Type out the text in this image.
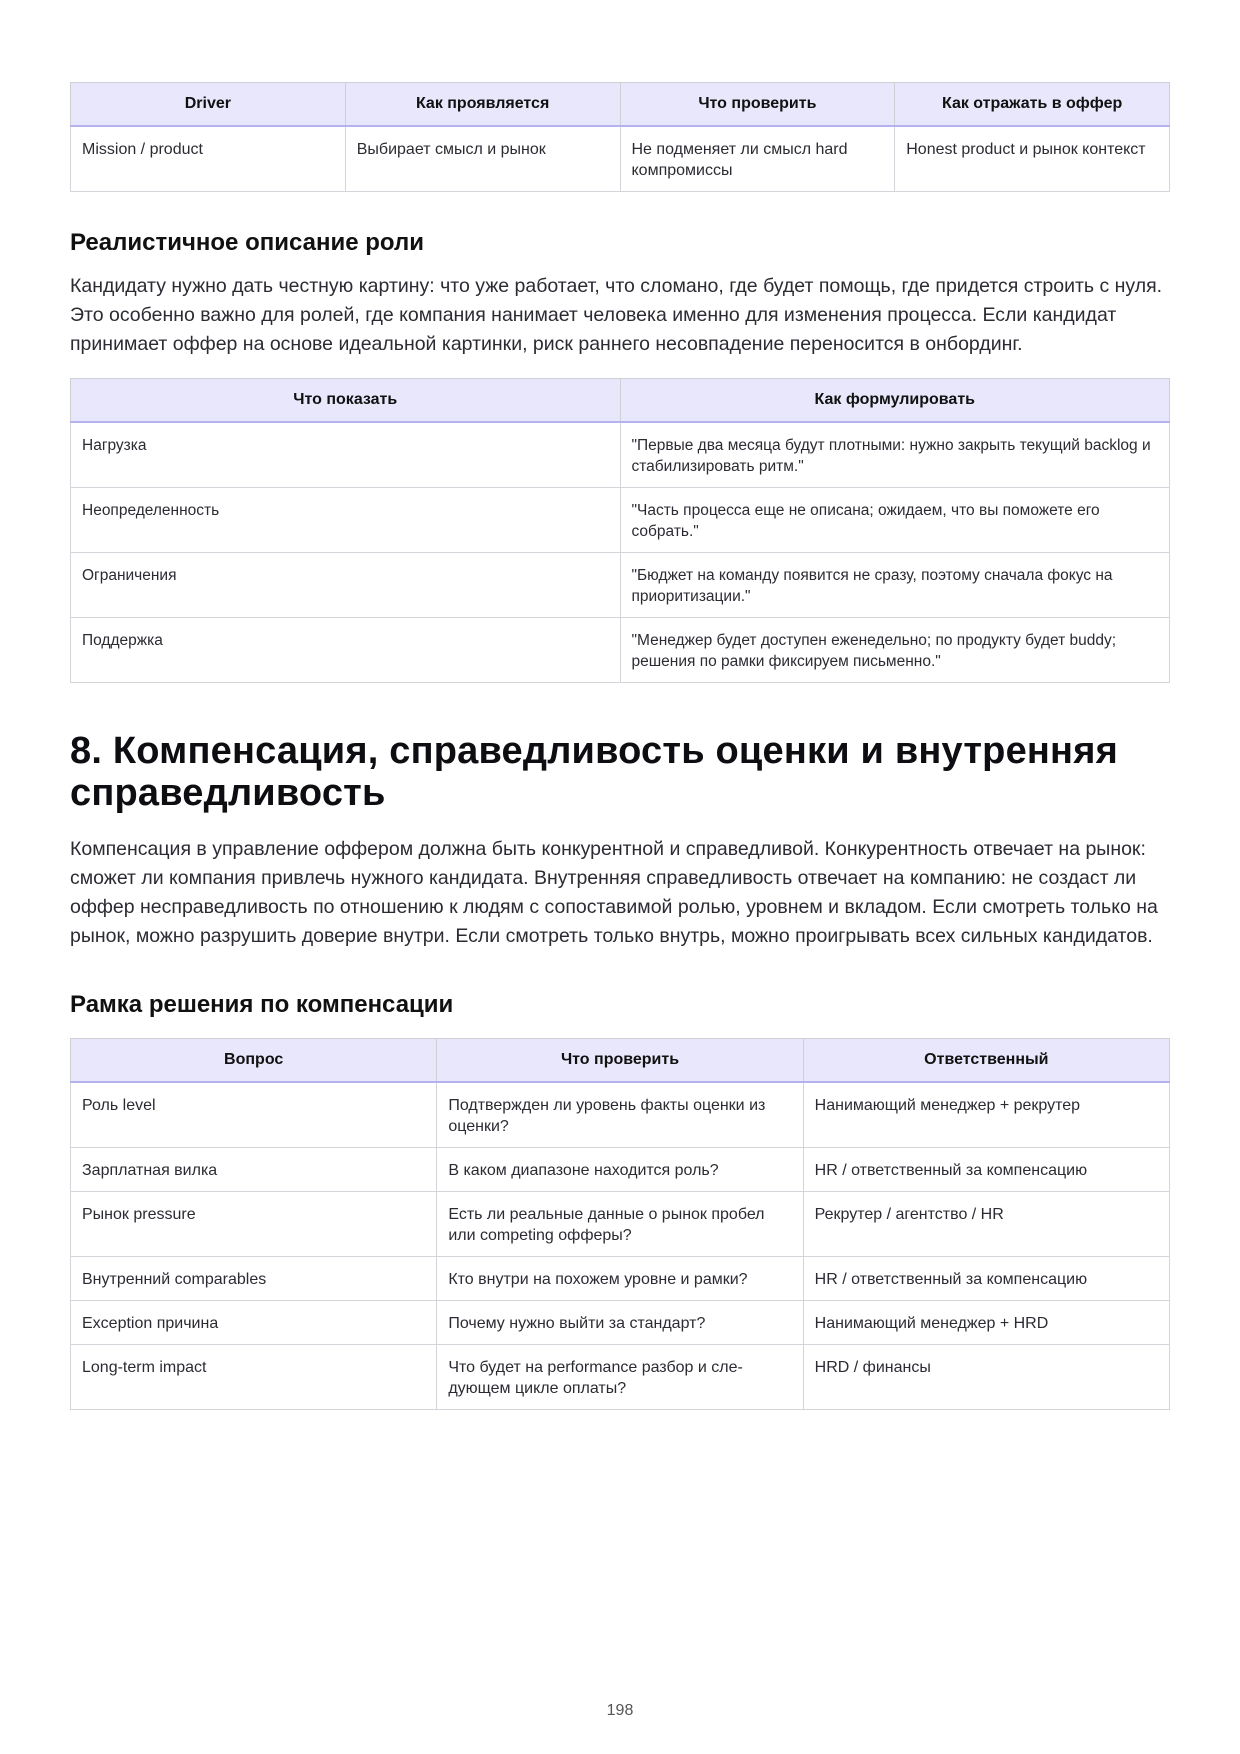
Driver	Как проявляется	Что проверить	Как отражать в оффер
Mission / product	Выбирает смысл и рынок	Не подменяет ли смысл hard компромиссы	Honest product и рынок контекст
Реалистичное описание роли

Кандидату нужно дать честную картину: что уже работает, что сломано, где будет помощь, где придется строить с нуля. Это особенно важно для ролей, где компания нанимает человека именно для изменения процесса. Если кандидат принимает оффер на основе идеальной картинки, риск раннего несовпадение переносится в онбординг.

Что показать	Как формулировать
Нагрузка	"Первые два месяца будут плотными: нужно закрыть текущий backlog и стабилизировать ритм."
Неопределенность	"Часть процесса еще не описана; ожидаем, что вы поможете его собрать."
Ограничения	"Бюджет на команду появится не сразу, поэтому сначала фокус на приоритизации."
Поддержка	"Менеджер будет доступен еженедельно; по продукту будет buddy; решения по рамки фиксируем письменно."
8. Компенсация, справедливость оценки и внутренняя справедливость

Компенсация в управление оффером должна быть конкурентной и справедливой. Конкурентность отвечает на рынок: сможет ли компания привлечь нужного кандидата. Внутренняя справедливость отвечает на компанию: не создаст ли оффер несправедливость по отношению к людям с сопоставимой ролью, уровнем и вкладом. Если смотреть только на рынок, можно разрушить доверие внутри. Если смотреть только внутрь, можно проигрывать всех сильных кандидатов.

Рамка решения по компенсации
Вопрос	Что проверить	Ответственный
Роль level	Подтвержден ли уровень факты оценки из оценки?	Нанимающий менеджер + рекрутер
Зарплатная вилка	В каком диапазоне находится роль?	HR / ответственный за компенсацию
Рынок pressure	Есть ли реальные данные о рынок пробел или competing офферы?	Рекрутер / агентство / HR
Внутренний comparables	Кто внутри на похожем уровне и рамки?	HR / ответственный за компенсацию
Exception причина	Почему нужно выйти за стандарт?	Нанимающий менеджер + HRD
Long-term impact	Что будет на performance разбор и сле-дующем цикле оплаты?	HRD / финансы
198
